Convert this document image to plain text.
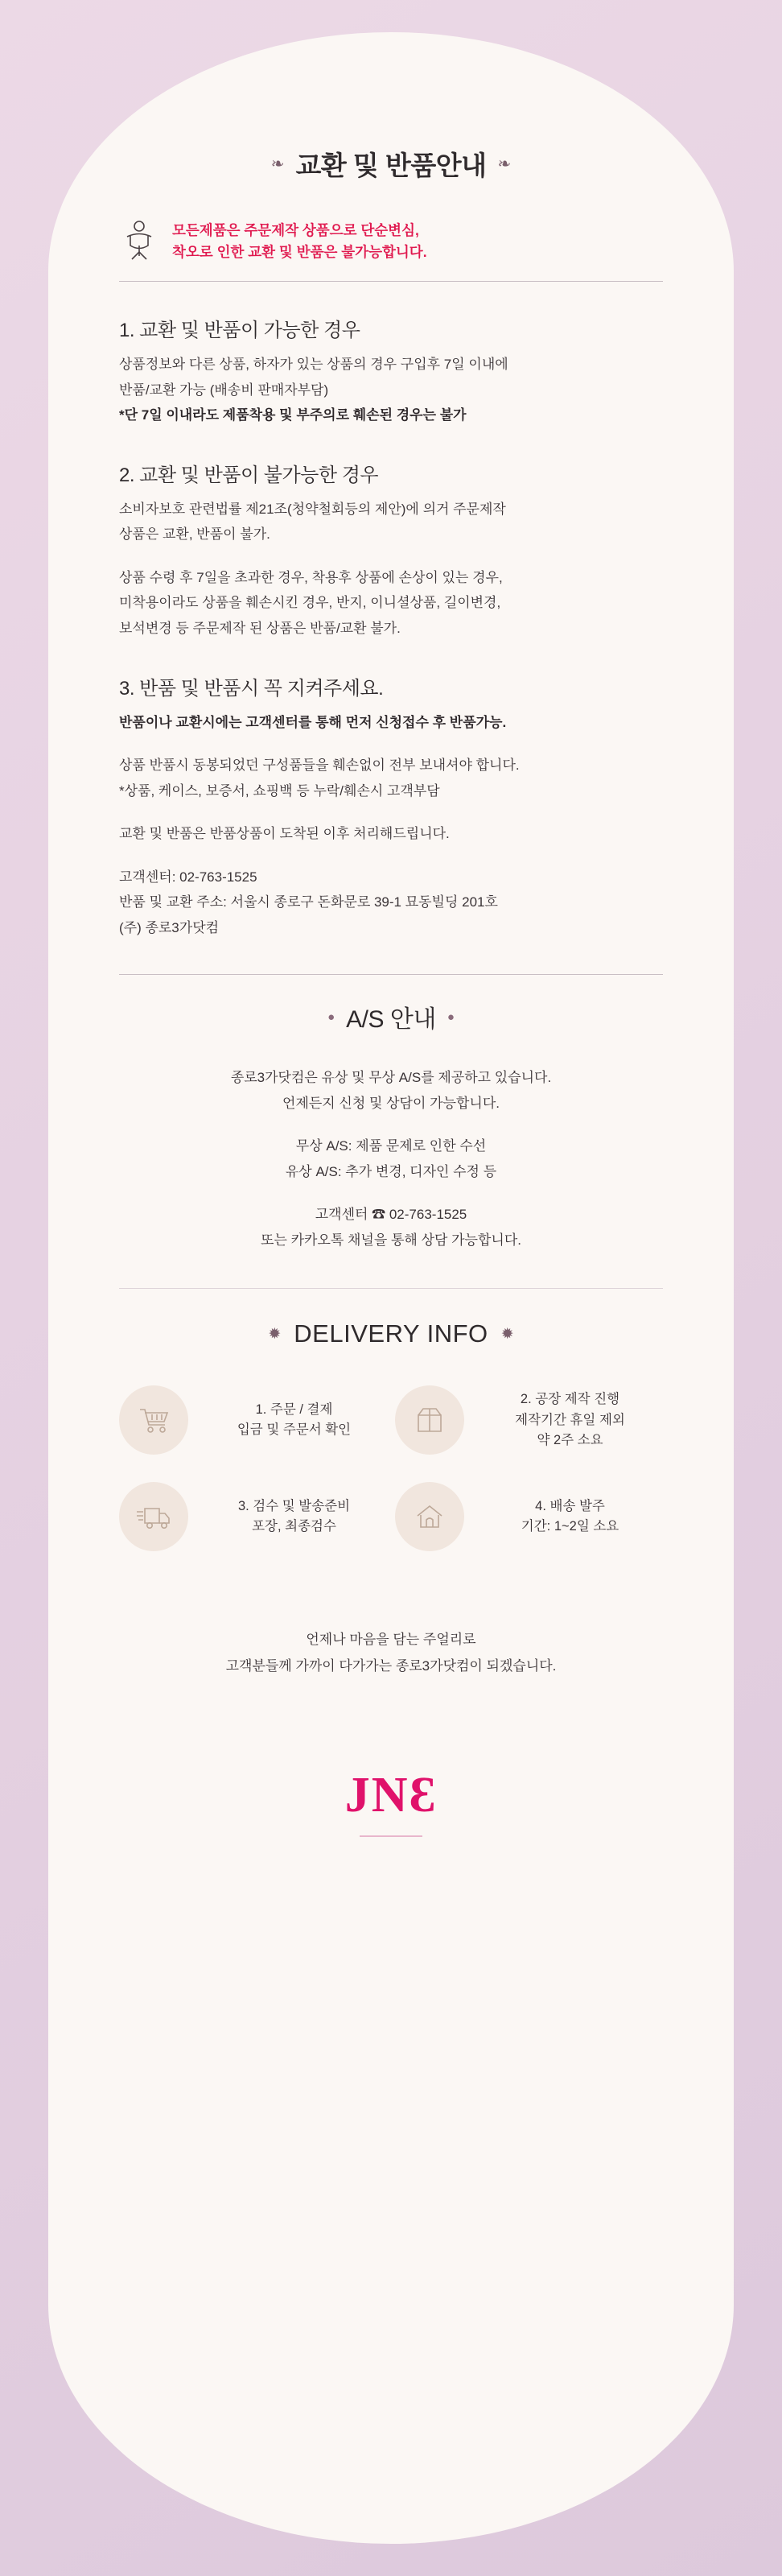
❧ 교환 및 반품안내 ❧
모든제품은 주문제작 상품으로 단순변심,
착오로 인한 교환 및 반품은 불가능합니다.
1. 교환 및 반품이 가능한 경우

상품정보와 다른 상품, 하자가 있는 상품의 경우 구입후 7일 이내에

반품/교환 가능 (배송비 판매자부담)

*단 7일 이내라도 제품착용 및 부주의로 훼손된 경우는 불가

2. 교환 및 반품이 불가능한 경우

소비자보호 관련법률 제21조(청약철회등의 제안)에 의거 주문제작

상품은 교환, 반품이 불가.

상품 수령 후 7일을 초과한 경우, 착용후 상품에 손상이 있는 경우,

미착용이라도 상품을 훼손시킨 경우, 반지, 이니셜상품, 길이변경,

보석변경 등 주문제작 된 상품은 반품/교환 불가.

3. 반품 및 반품시 꼭 지켜주세요.

반품이나 교환시에는 고객센터를 통해 먼저 신청접수 후 반품가능.

상품 반품시 동봉되었던 구성품들을 훼손없이 전부 보내셔야 합니다.

*상품, 케이스, 보증서, 쇼핑백 등 누락/훼손시 고객부담

교환 및 반품은 반품상품이 도착된 이후 처리해드립니다.

고객센터: 02-763-1525

반품 및 교환 주소: 서울시 종로구 돈화문로 39-1 묘동빌딩 201호

(주) 종로3가닷컴

● A/S 안내 ●

종로3가닷컴은 유상 및 무상 A/S를 제공하고 있습니다.

언제든지 신청 및 상담이 가능합니다.

무상 A/S: 제품 문제로 인한 수선

유상 A/S: 추가 변경, 디자인 수정 등

고객센터 ☎ 02-763-1525

또는 카카오톡 채널을 통해 상담 가능합니다.

✹ DELIVERY INFO ✹
1. 주문 / 결제
입금 및 주문서 확인
2. 공장 제작 진행
제작기간 휴일 제외
약 2주 소요
3. 검수 및 발송준비
포장, 최종검수
4. 배송 발주
기간: 1~2일 소요

언제나 마음을 담는 주얼리로

고객분들께 가까이 다가가는 종로3가닷컴이 되겠습니다.

JNƐ
